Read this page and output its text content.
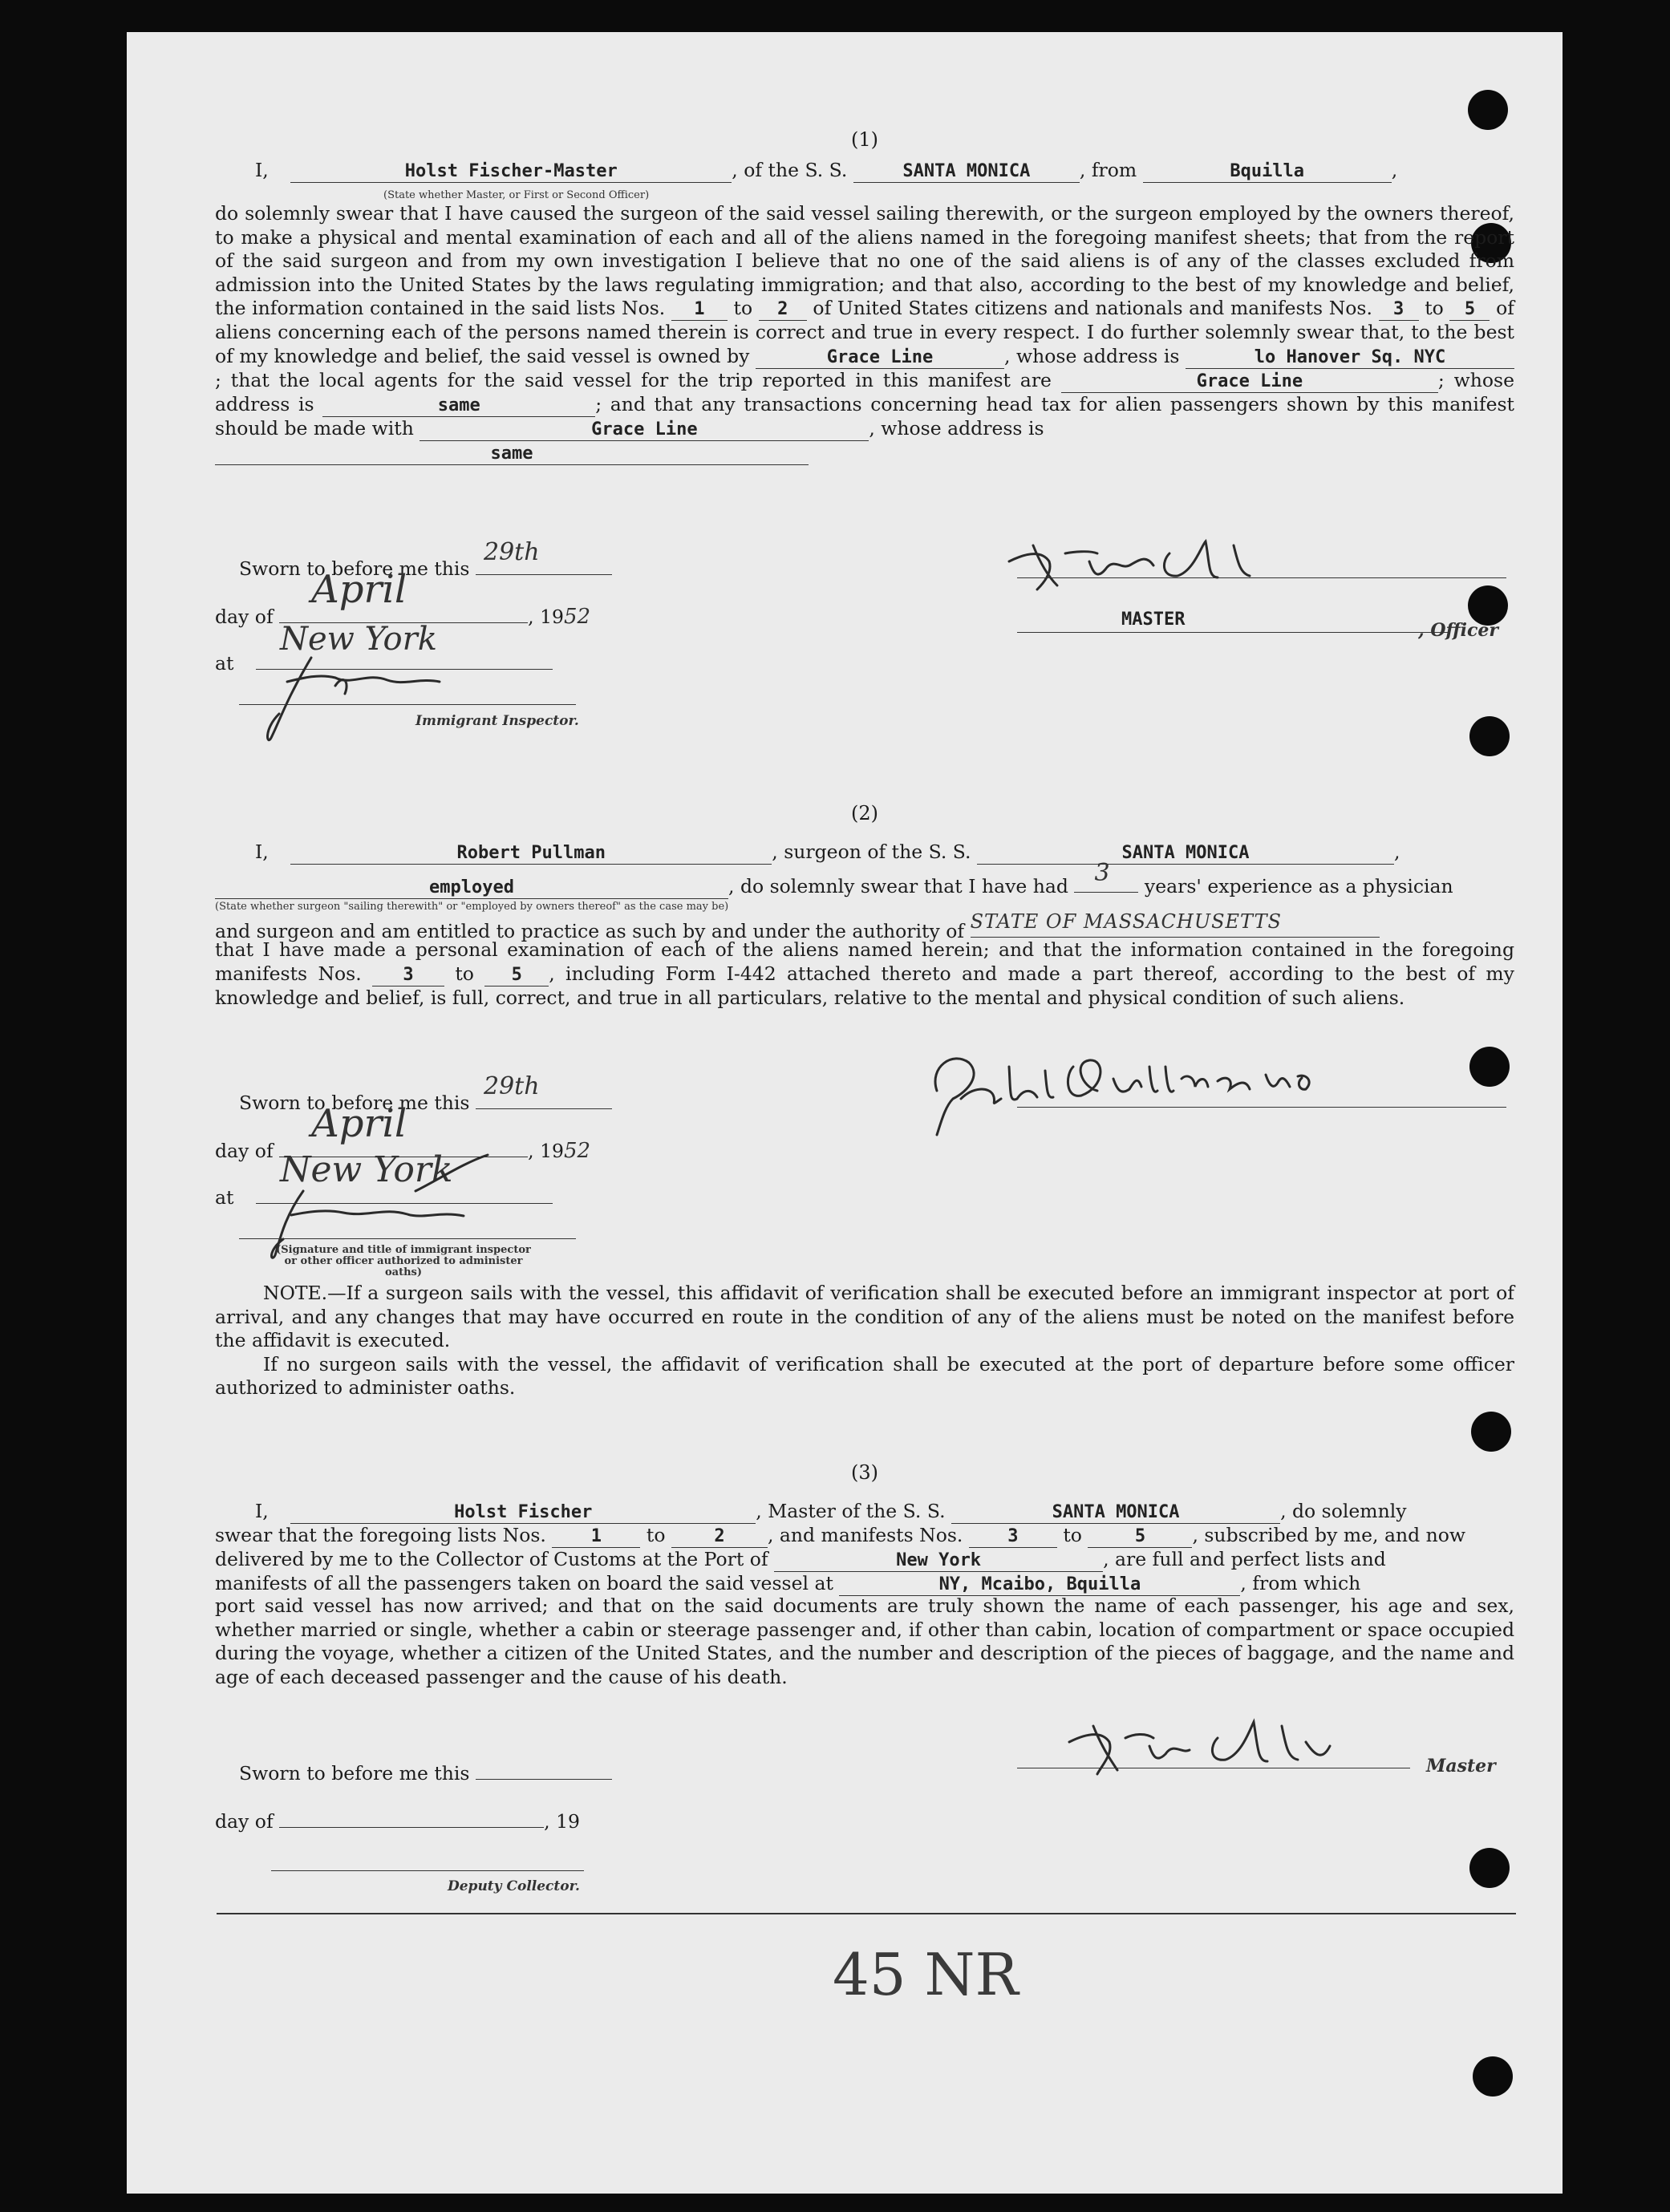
(1)
I,	Holst Fischer-Master	, of the S. S.	SANTA MONICA	, from	Bquilla	,
(State whether Master, or First or Second Officer)
do solemnly swear that I have caused the surgeon of the said vessel sailing therewith, or the surgeon employed by the owners thereof, to make a physical and mental examination of each and all of the aliens named in the foregoing manifest sheets; that from the report of the said surgeon and from my own investigation I believe that no one of the said aliens is of any of the classes excluded from admission into the United States by the laws regulating immigration; and that also, according to the best of my knowledge and belief, the information contained in the said lists Nos. 1 to 2 of United States citizens and nationals and manifests Nos. 3 to 5 of aliens concerning each of the persons named therein is correct and true in every respect. I do further solemnly swear that, to the best of my knowledge and belief, the said vessel is owned by	Grace Line	, whose address is	lo Hanover Sq. NYC; that the local agents for the said vessel for the trip reported in this manifest are	Grace Line	; whose address is	same	; and that any transactions concerning head tax for alien passengers shown by this manifest should be made with	Grace Line	, whose address is
same
Sworn to before me this
29th
day of
April
, 1952
at
New York
Immigrant Inspector.
MASTER
, Officer
(2)
I,	Robert Pullman	, surgeon of the S. S.	SANTA MONICA	,
employed	, do solemnly swear that I have had 3 years' experience as a physician
(State whether surgeon "sailing therewith" or "employed by owners thereof" as the case may be)
and surgeon and am entitled to practice as such by and under the authority of STATE OF MASSACHUSETTS
that I have made a personal examination of each of the aliens named herein; and that the information contained in the foregoing manifests Nos. 3 to 5 , including Form I-442 attached thereto and made a part thereof, according to the best of my knowledge and belief, is full, correct, and true in all particulars, relative to the mental and physical condition of such aliens.
Sworn to before me this
29th
day of
April
, 1952
at
New York
(Signature and title of immigrant inspector or other officer authorized to administer oaths)
NOTE.—If a surgeon sails with the vessel, this affidavit of verification shall be executed before an immigrant inspector at port of arrival, and any changes that may have occurred en route in the condition of any of the aliens must be noted on the manifest before the affidavit is executed.
If no surgeon sails with the vessel, the affidavit of verification shall be executed at the port of departure before some officer authorized to administer oaths.
(3)
I,	Holst Fischer	, Master of the S. S.	SANTA MONICA	, do solemnly
swear that the foregoing lists Nos.	1 to	2 , and manifests Nos.	3 to	5 , subscribed by me, and now
delivered by me to the Collector of Customs at the Port of	New York	, are full and perfect lists and
manifests of all the passengers taken on board the said vessel at	NY, Mcaibo, Bquilla	, from which
port said vessel has now arrived; and that on the said documents are truly shown the name of each passenger, his age and sex, whether married or single, whether a cabin or steerage passenger and, if other than cabin, location of compartment or space occupied during the voyage, whether a citizen of the United States, and the number and description of the pieces of baggage, and the name and age of each deceased passenger and the cause of his death.
Master
Sworn to before me this
day of	, 19
Deputy Collector.
45 NR
